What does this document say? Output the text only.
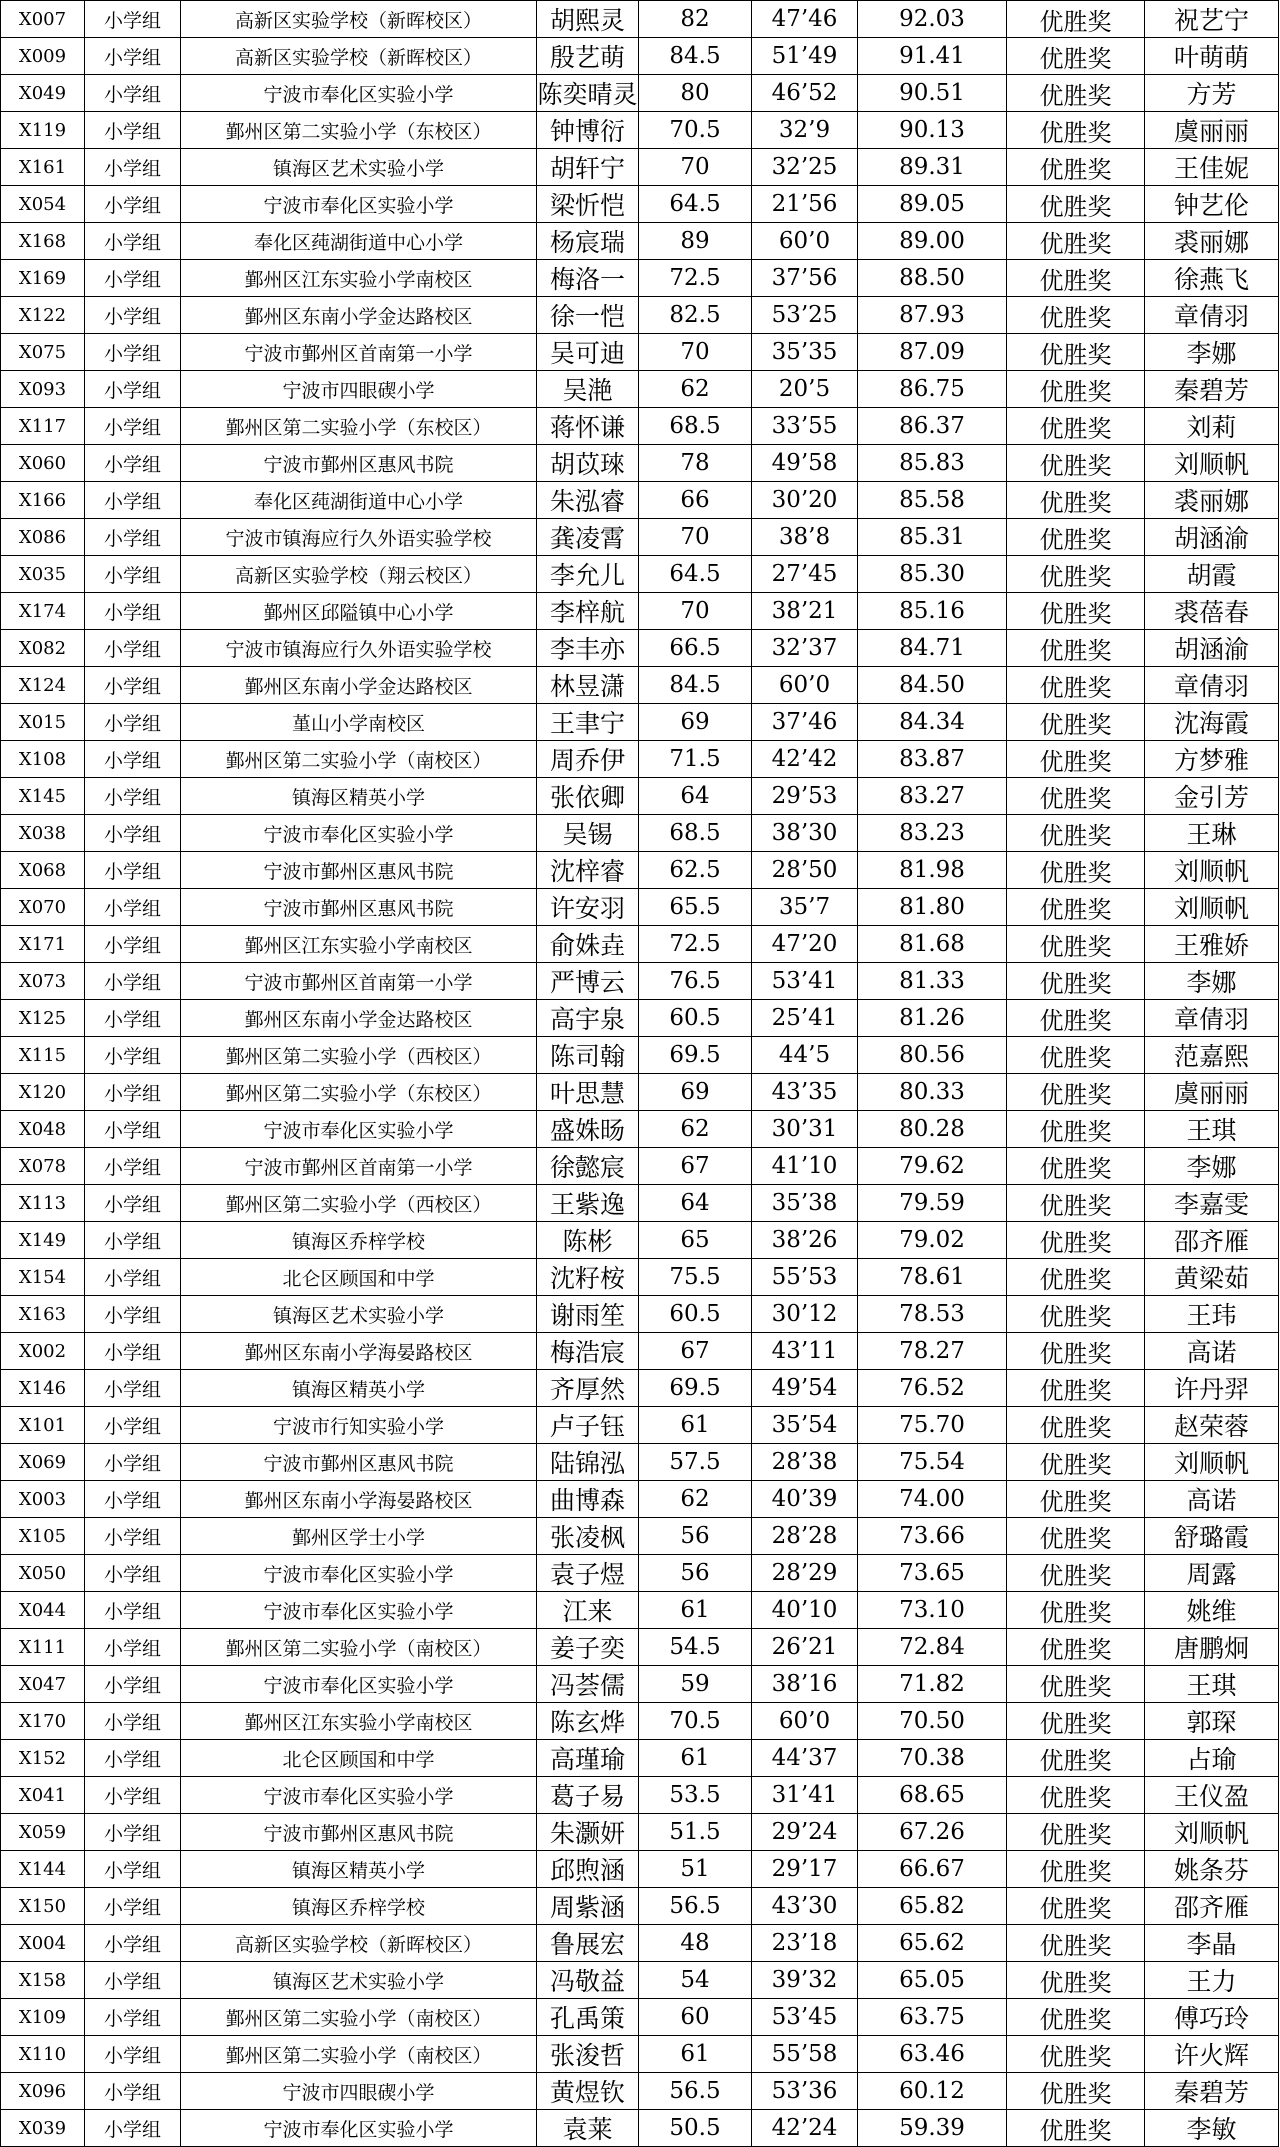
X007	小学组	高新区实验学校（新晖校区）	胡熙灵	82	47’46	92.03	优胜奖	祝艺宁
X009	小学组	高新区实验学校（新晖校区）	殷艺萌	84.5	51’49	91.41	优胜奖	叶萌萌
X049	小学组	宁波市奉化区实验小学	陈奕晴灵	80	46’52	90.51	优胜奖	方芳
X119	小学组	鄞州区第二实验小学（东校区）	钟博衍	70.5	32’9	90.13	优胜奖	虞丽丽
X161	小学组	镇海区艺术实验小学	胡轩宁	70	32’25	89.31	优胜奖	王佳妮
X054	小学组	宁波市奉化区实验小学	梁忻恺	64.5	21’56	89.05	优胜奖	钟艺伦
X168	小学组	奉化区莼湖街道中心小学	杨宸瑞	89	60’0	89.00	优胜奖	裘丽娜
X169	小学组	鄞州区江东实验小学南校区	梅洛一	72.5	37’56	88.50	优胜奖	徐燕飞
X122	小学组	鄞州区东南小学金达路校区	徐一恺	82.5	53’25	87.93	优胜奖	章倩羽
X075	小学组	宁波市鄞州区首南第一小学	吴可迪	70	35’35	87.09	优胜奖	李娜
X093	小学组	宁波市四眼碶小学	吴滟	62	20’5	86.75	优胜奖	秦碧芳
X117	小学组	鄞州区第二实验小学（东校区）	蒋怀谦	68.5	33’55	86.37	优胜奖	刘莉
X060	小学组	宁波市鄞州区惠风书院	胡苡琜	78	49’58	85.83	优胜奖	刘顺帆
X166	小学组	奉化区莼湖街道中心小学	朱泓睿	66	30’20	85.58	优胜奖	裘丽娜
X086	小学组	宁波市镇海应行久外语实验学校	龚凌霄	70	38’8	85.31	优胜奖	胡涵渝
X035	小学组	高新区实验学校（翔云校区）	李允儿	64.5	27’45	85.30	优胜奖	胡霞
X174	小学组	鄞州区邱隘镇中心小学	李梓航	70	38’21	85.16	优胜奖	裘蓓春
X082	小学组	宁波市镇海应行久外语实验学校	李丰亦	66.5	32’37	84.71	优胜奖	胡涵渝
X124	小学组	鄞州区东南小学金达路校区	林昱潇	84.5	60’0	84.50	优胜奖	章倩羽
X015	小学组	堇山小学南校区	王聿宁	69	37’46	84.34	优胜奖	沈海霞
X108	小学组	鄞州区第二实验小学（南校区）	周乔伊	71.5	42’42	83.87	优胜奖	方梦雅
X145	小学组	镇海区精英小学	张依卿	64	29’53	83.27	优胜奖	金引芳
X038	小学组	宁波市奉化区实验小学	吴锡	68.5	38’30	83.23	优胜奖	王琳
X068	小学组	宁波市鄞州区惠风书院	沈梓睿	62.5	28’50	81.98	优胜奖	刘顺帆
X070	小学组	宁波市鄞州区惠风书院	许安羽	65.5	35’7	81.80	优胜奖	刘顺帆
X171	小学组	鄞州区江东实验小学南校区	俞姝垚	72.5	47’20	81.68	优胜奖	王雅娇
X073	小学组	宁波市鄞州区首南第一小学	严博云	76.5	53’41	81.33	优胜奖	李娜
X125	小学组	鄞州区东南小学金达路校区	高宇泉	60.5	25’41	81.26	优胜奖	章倩羽
X115	小学组	鄞州区第二实验小学（西校区）	陈司翰	69.5	44’5	80.56	优胜奖	范嘉熙
X120	小学组	鄞州区第二实验小学（东校区）	叶思慧	69	43’35	80.33	优胜奖	虞丽丽
X048	小学组	宁波市奉化区实验小学	盛姝旸	62	30’31	80.28	优胜奖	王琪
X078	小学组	宁波市鄞州区首南第一小学	徐懿宸	67	41’10	79.62	优胜奖	李娜
X113	小学组	鄞州区第二实验小学（西校区）	王紫逸	64	35’38	79.59	优胜奖	李嘉雯
X149	小学组	镇海区乔梓学校	陈彬	65	38’26	79.02	优胜奖	邵齐雁
X154	小学组	北仑区顾国和中学	沈籽桉	75.5	55’53	78.61	优胜奖	黄梁茹
X163	小学组	镇海区艺术实验小学	谢雨笙	60.5	30’12	78.53	优胜奖	王玮
X002	小学组	鄞州区东南小学海晏路校区	梅浩宸	67	43’11	78.27	优胜奖	高诺
X146	小学组	镇海区精英小学	齐厚然	69.5	49’54	76.52	优胜奖	许丹羿
X101	小学组	宁波市行知实验小学	卢子钰	61	35’54	75.70	优胜奖	赵荣蓉
X069	小学组	宁波市鄞州区惠风书院	陆锦泓	57.5	28’38	75.54	优胜奖	刘顺帆
X003	小学组	鄞州区东南小学海晏路校区	曲博森	62	40’39	74.00	优胜奖	高诺
X105	小学组	鄞州区学士小学	张凌枫	56	28’28	73.66	优胜奖	舒璐霞
X050	小学组	宁波市奉化区实验小学	袁子煜	56	28’29	73.65	优胜奖	周露
X044	小学组	宁波市奉化区实验小学	江来	61	40’10	73.10	优胜奖	姚维
X111	小学组	鄞州区第二实验小学（南校区）	姜子奕	54.5	26’21	72.84	优胜奖	唐鹏炯
X047	小学组	宁波市奉化区实验小学	冯荟儒	59	38’16	71.82	优胜奖	王琪
X170	小学组	鄞州区江东实验小学南校区	陈玄烨	70.5	60’0	70.50	优胜奖	郭琛
X152	小学组	北仑区顾国和中学	高瑾瑜	61	44’37	70.38	优胜奖	占瑜
X041	小学组	宁波市奉化区实验小学	葛子易	53.5	31’41	68.65	优胜奖	王仪盈
X059	小学组	宁波市鄞州区惠风书院	朱灏妍	51.5	29’24	67.26	优胜奖	刘顺帆
X144	小学组	镇海区精英小学	邱煦涵	51	29’17	66.67	优胜奖	姚条芬
X150	小学组	镇海区乔梓学校	周紫涵	56.5	43’30	65.82	优胜奖	邵齐雁
X004	小学组	高新区实验学校（新晖校区）	鲁展宏	48	23’18	65.62	优胜奖	李晶
X158	小学组	镇海区艺术实验小学	冯敬益	54	39’32	65.05	优胜奖	王力
X109	小学组	鄞州区第二实验小学（南校区）	孔禹策	60	53’45	63.75	优胜奖	傅巧玲
X110	小学组	鄞州区第二实验小学（南校区）	张浚哲	61	55’58	63.46	优胜奖	许火辉
X096	小学组	宁波市四眼碶小学	黄煜钦	56.5	53’36	60.12	优胜奖	秦碧芳
X039	小学组	宁波市奉化区实验小学	袁莱	50.5	42’24	59.39	优胜奖	李敏
